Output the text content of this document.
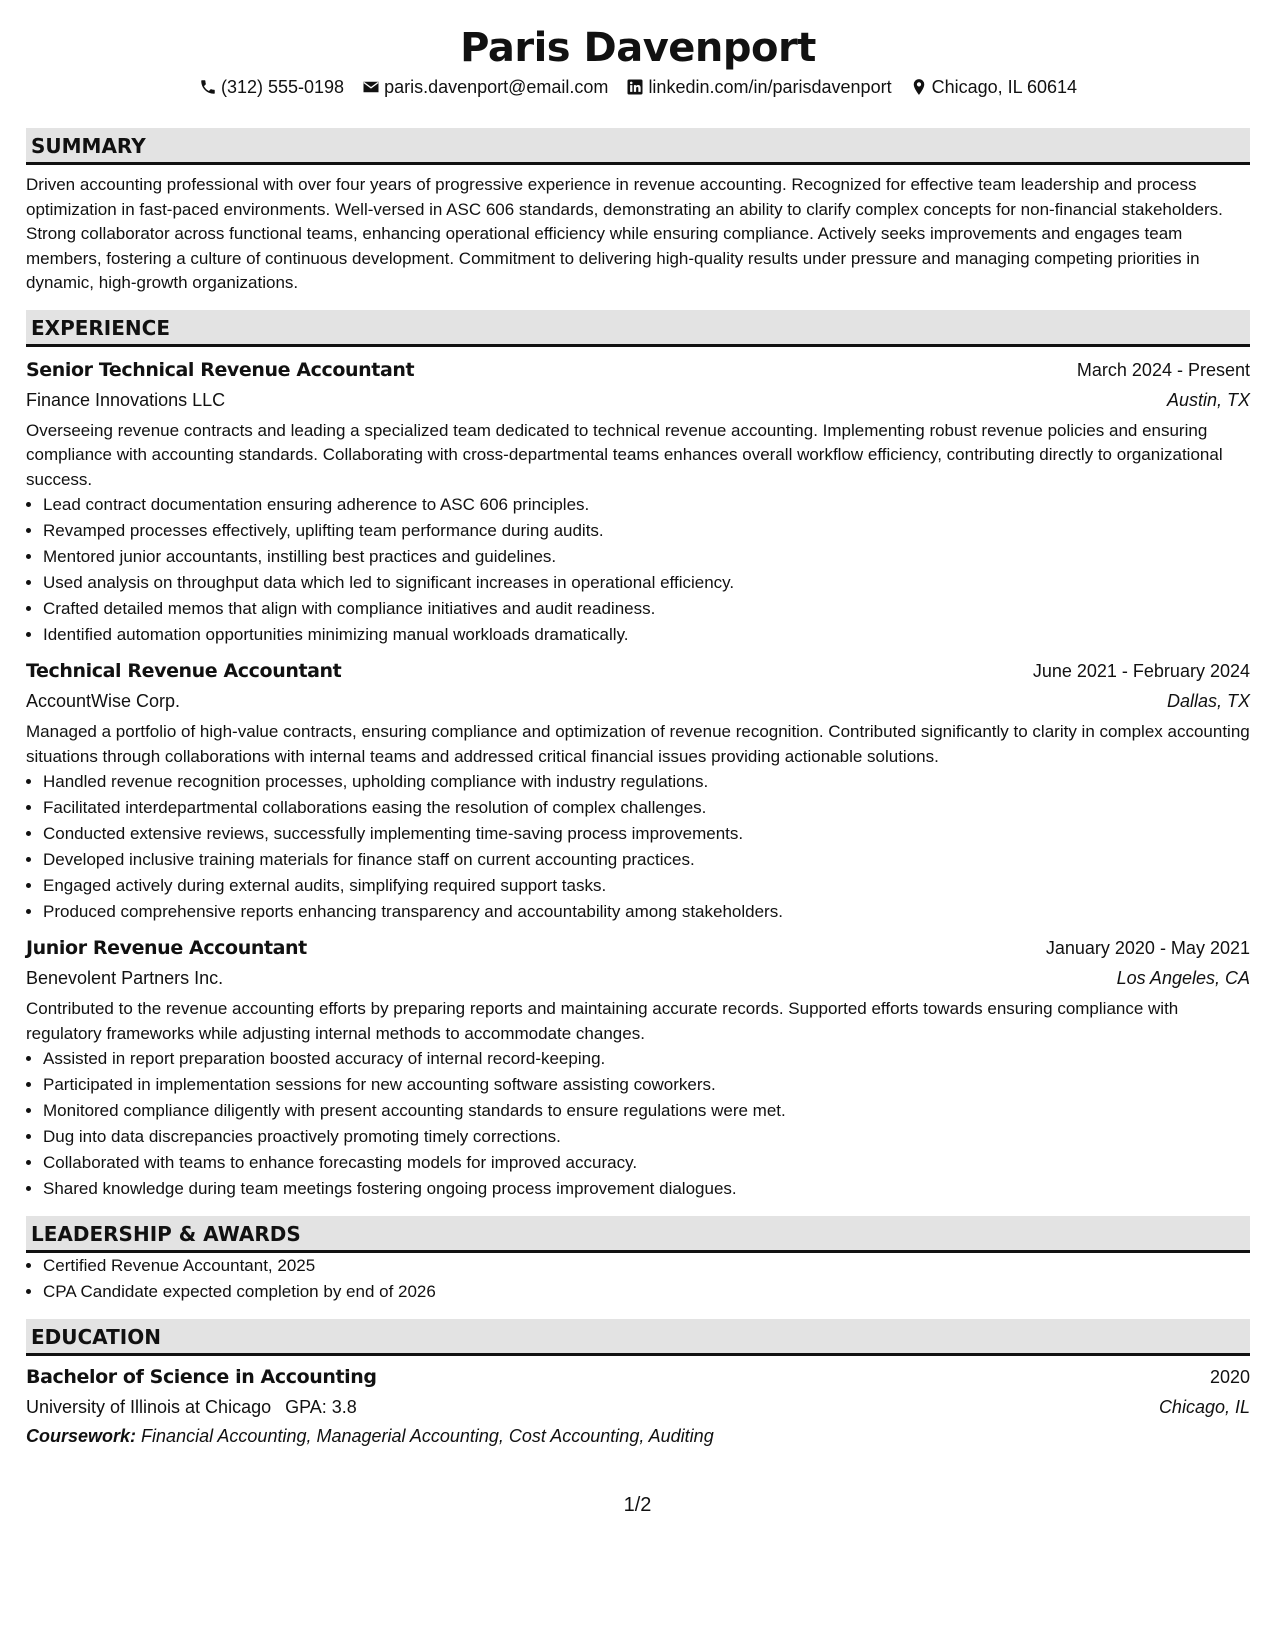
Paris Davenport
(312) 555-0198 paris.davenport@email.com linkedin.com/in/parisdavenport Chicago, IL 60614
SUMMARY

Driven accounting professional with over four years of progressive experience in revenue accounting. Recognized for effective team leadership and process optimization in fast-paced environments. Well-versed in ASC 606 standards, demonstrating an ability to clarify complex concepts for non-financial stakeholders. Strong collaborator across functional teams, enhancing operational efficiency while ensuring compliance. Actively seeks improvements and engages team members, fostering a culture of continuous development. Commitment to delivering high-quality results under pressure and managing competing priorities in dynamic, high-growth organizations.

EXPERIENCE
Senior Technical Revenue Accountant	March 2024 - Present
Finance Innovations LLC	Austin, TX

Overseeing revenue contracts and leading a specialized team dedicated to technical revenue accounting. Implementing robust revenue policies and ensuring compliance with accounting standards. Collaborating with cross-departmental teams enhances overall workflow efficiency, contributing directly to organizational success.

• Lead contract documentation ensuring adherence to ASC 606 principles.
• Revamped processes effectively, uplifting team performance during audits.
• Mentored junior accountants, instilling best practices and guidelines.
• Used analysis on throughput data which led to significant increases in operational efficiency.
• Crafted detailed memos that align with compliance initiatives and audit readiness.
• Identified automation opportunities minimizing manual workloads dramatically.
Technical Revenue Accountant	June 2021 - February 2024
AccountWise Corp.	Dallas, TX

Managed a portfolio of high-value contracts, ensuring compliance and optimization of revenue recognition. Contributed significantly to clarity in complex accounting situations through collaborations with internal teams and addressed critical financial issues providing actionable solutions.

• Handled revenue recognition processes, upholding compliance with industry regulations.
• Facilitated interdepartmental collaborations easing the resolution of complex challenges.
• Conducted extensive reviews, successfully implementing time-saving process improvements.
• Developed inclusive training materials for finance staff on current accounting practices.
• Engaged actively during external audits, simplifying required support tasks.
• Produced comprehensive reports enhancing transparency and accountability among stakeholders.
Junior Revenue Accountant	January 2020 - May 2021
Benevolent Partners Inc.	Los Angeles, CA

Contributed to the revenue accounting efforts by preparing reports and maintaining accurate records. Supported efforts towards ensuring compliance with regulatory frameworks while adjusting internal methods to accommodate changes.

• Assisted in report preparation boosted accuracy of internal record-keeping.
• Participated in implementation sessions for new accounting software assisting coworkers.
• Monitored compliance diligently with present accounting standards to ensure regulations were met.
• Dug into data discrepancies proactively promoting timely corrections.
• Collaborated with teams to enhance forecasting models for improved accuracy.
• Shared knowledge during team meetings fostering ongoing process improvement dialogues.
LEADERSHIP & AWARDS
• Certified Revenue Accountant, 2025
• CPA Candidate expected completion by end of 2026
EDUCATION
Bachelor of Science in Accounting	2020
University of Illinois at Chicago GPA: 3.8	Chicago, IL
Coursework: Financial Accounting, Managerial Accounting, Cost Accounting, Auditing
1/2
